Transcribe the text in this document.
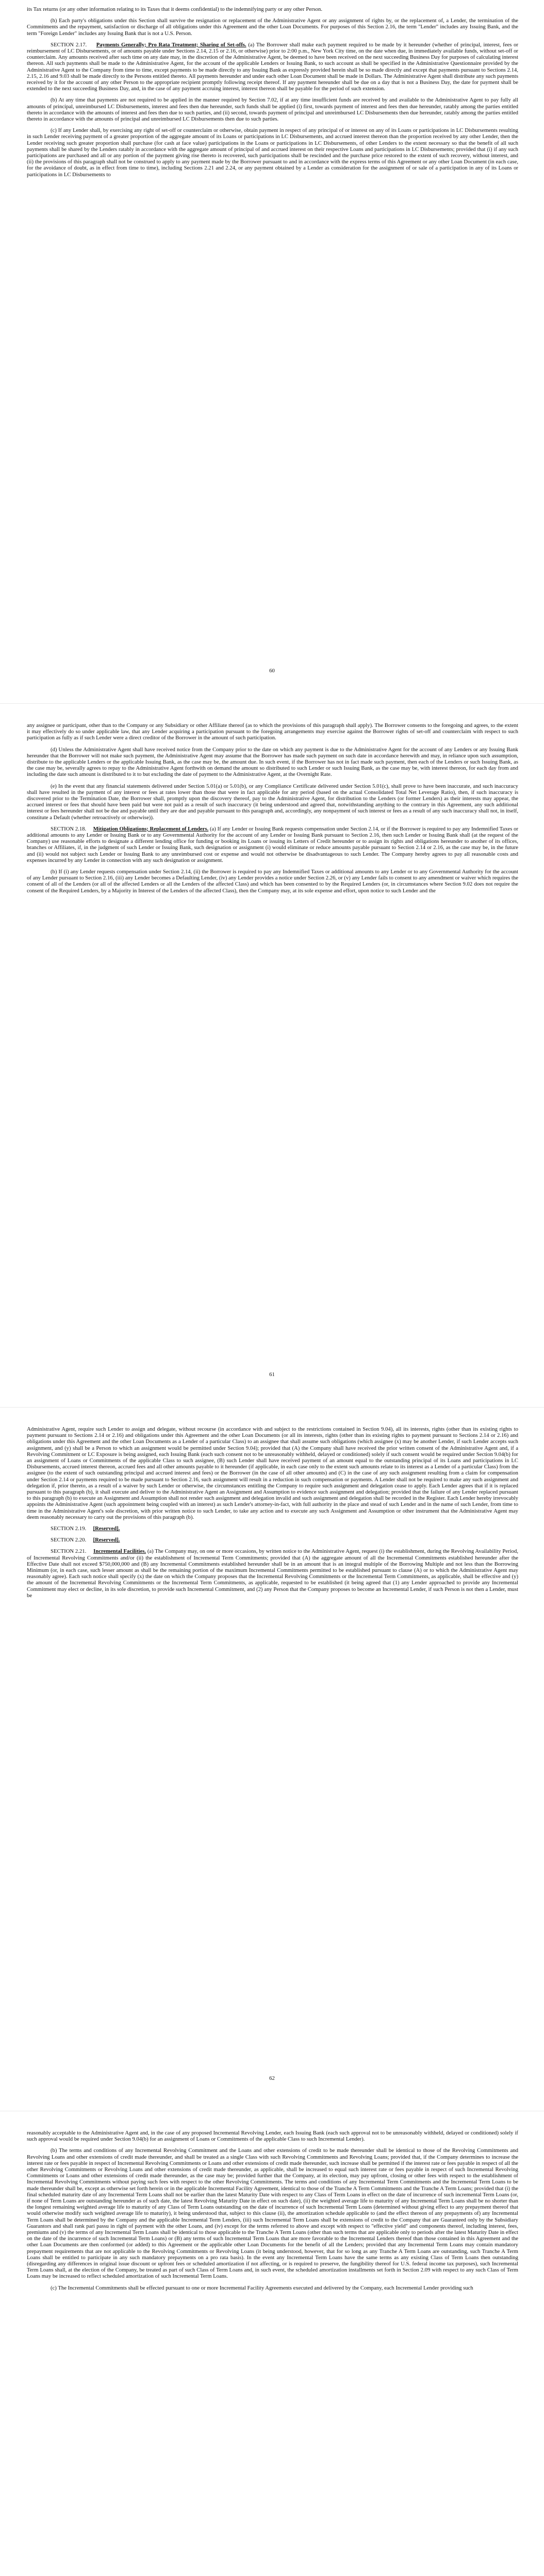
its Tax returns (or any other information relating to its Taxes that it deems confidential) to the indemnifying party or any other Person.

(h) Each party's obligations under this Section shall survive the resignation or replacement of the Administrative Agent or any assignment of rights by, or the replacement of, a Lender, the termination of the Commitments and the repayment, satisfaction or discharge of all obligations under this Agreement and the other Loan Documents. For purposes of this Section 2.16, the term "Lender" includes any Issuing Bank, and the term "Foreign Lender" includes any Issuing Bank that is not a U.S. Person.

SECTION 2.17. Payments Generally; Pro Rata Treatment; Sharing of Set-offs. (a) The Borrower shall make each payment required to be made by it hereunder (whether of principal, interest, fees or reimbursement of LC Disbursements, or of amounts payable under Sections 2.14, 2.15 or 2.16, or otherwise) prior to 2:00 p.m., New York City time, on the date when due, in immediately available funds, without set-off or counterclaim. Any amounts received after such time on any date may, in the discretion of the Administrative Agent, be deemed to have been received on the next succeeding Business Day for purposes of calculating interest thereon. All such payments shall be made to the Administrative Agent, for the account of the applicable Lenders or Issuing Bank, to such account as shall be specified in the Administrative Questionnaire provided by the Administrative Agent to the Company from time to time, except payments to be made directly to any Issuing Bank as expressly provided herein shall be so made directly and except that payments pursuant to Sections 2.14, 2.15, 2.16 and 9.03 shall be made directly to the Persons entitled thereto. All payments hereunder and under each other Loan Document shall be made in Dollars. The Administrative Agent shall distribute any such payments received by it for the account of any other Person to the appropriate recipient promptly following receipt thereof. If any payment hereunder shall be due on a day that is not a Business Day, the date for payment shall be extended to the next succeeding Business Day, and, in the case of any payment accruing interest, interest thereon shall be payable for the period of such extension.

(b) At any time that payments are not required to be applied in the manner required by Section 7.02, if at any time insufficient funds are received by and available to the Administrative Agent to pay fully all amounts of principal, unreimbursed LC Disbursements, interest and fees then due hereunder, such funds shall be applied (i) first, towards payment of interest and fees then due hereunder, ratably among the parties entitled thereto in accordance with the amounts of interest and fees then due to such parties, and (ii) second, towards payment of principal and unreimbursed LC Disbursements then due hereunder, ratably among the parties entitled thereto in accordance with the amounts of principal and unreimbursed LC Disbursements then due to such parties.

(c) If any Lender shall, by exercising any right of set-off or counterclaim or otherwise, obtain payment in respect of any principal of or interest on any of its Loans or participations in LC Disbursements resulting in such Lender receiving payment of a greater proportion of the aggregate amount of its Loans or participations in LC Disbursements, and accrued interest thereon than the proportion received by any other Lender, then the Lender receiving such greater proportion shall purchase (for cash at face value) participations in the Loans or participations in LC Disbursements, of other Lenders to the extent necessary so that the benefit of all such payments shall be shared by the Lenders ratably in accordance with the aggregate amount of principal of and accrued interest on their respective Loans and participations in LC Disbursements; provided that (i) if any such participations are purchased and all or any portion of the payment giving rise thereto is recovered, such participations shall be rescinded and the purchase price restored to the extent of such recovery, without interest, and (ii) the provisions of this paragraph shall not be construed to apply to any payment made by the Borrower pursuant to and in accordance with the express terms of this Agreement or any other Loan Document (in each case, for the avoidance of doubt, as in effect from time to time), including Sections 2.21 and 2.24, or any payment obtained by a Lender as consideration for the assignment of or sale of a participation in any of its Loans or participations in LC Disbursements to

60

any assignee or participant, other than to the Company or any Subsidiary or other Affiliate thereof (as to which the provisions of this paragraph shall apply). The Borrower consents to the foregoing and agrees, to the extent it may effectively do so under applicable law, that any Lender acquiring a participation pursuant to the foregoing arrangements may exercise against the Borrower rights of set-off and counterclaim with respect to such participation as fully as if such Lender were a direct creditor of the Borrower in the amount of such participation.

(d) Unless the Administrative Agent shall have received notice from the Company prior to the date on which any payment is due to the Administrative Agent for the account of any Lenders or any Issuing Bank hereunder that the Borrower will not make such payment, the Administrative Agent may assume that the Borrower has made such payment on such date in accordance herewith and may, in reliance upon such assumption, distribute to the applicable Lenders or the applicable Issuing Bank, as the case may be, the amount due. In such event, if the Borrower has not in fact made such payment, then each of the Lenders or such Issuing Bank, as the case may be, severally agrees to repay to the Administrative Agent forthwith on demand the amount so distributed to such Lender or such Issuing Bank, as the case may be, with interest thereon, for each day from and including the date such amount is distributed to it to but excluding the date of payment to the Administrative Agent, at the Overnight Rate.

(e) In the event that any financial statements delivered under Section 5.01(a) or 5.01(b), or any Compliance Certificate delivered under Section 5.01(c), shall prove to have been inaccurate, and such inaccuracy shall have resulted in the payment of any interest or fees at rates lower than those that were in fact applicable for any period (based on the actual Consolidated Total Net Leverage Ratio), then, if such inaccuracy is discovered prior to the Termination Date, the Borrower shall, promptly upon the discovery thereof, pay to the Administrative Agent, for distribution to the Lenders (or former Lenders) as their interests may appear, the accrued interest or fees that should have been paid but were not paid as a result of such inaccuracy (it being understood and agreed that, notwithstanding anything to the contrary in this Agreement, any such additional interest or fees hereunder shall not be due and payable until they are due and payable pursuant to this paragraph and, accordingly, any nonpayment of such interest or fees as a result of any such inaccuracy shall not, in itself, constitute a Default (whether retroactively or otherwise)).

SECTION 2.18. Mitigation Obligations; Replacement of Lenders. (a) If any Lender or Issuing Bank requests compensation under Section 2.14, or if the Borrower is required to pay any Indemnified Taxes or additional amounts to any Lender or Issuing Bank or to any Governmental Authority for the account of any Lender or Issuing Bank pursuant to Section 2.16, then such Lender or Issuing Bank shall (at the request of the Company) use reasonable efforts to designate a different lending office for funding or booking its Loans or issuing its Letters of Credit hereunder or to assign its rights and obligations hereunder to another of its offices, branches or Affiliates, if, in the judgment of such Lender or Issuing Bank, such designation or assignment (i) would eliminate or reduce amounts payable pursuant to Section 2.14 or 2.16, as the case may be, in the future and (ii) would not subject such Lender or Issuing Bank to any unreimbursed cost or expense and would not otherwise be disadvantageous to such Lender. The Company hereby agrees to pay all reasonable costs and expenses incurred by any Lender in connection with any such designation or assignment.

(b) If (i) any Lender requests compensation under Section 2.14, (ii) the Borrower is required to pay any Indemnified Taxes or additional amounts to any Lender or to any Governmental Authority for the account of any Lender pursuant to Section 2.16, (iii) any Lender becomes a Defaulting Lender, (iv) any Lender provides a notice under Section 2.26, or (v) any Lender fails to consent to any amendment or waiver which requires the consent of all of the Lenders (or all of the affected Lenders or all the Lenders of the affected Class) and which has been consented to by the Required Lenders (or, in circumstances where Section 9.02 does not require the consent of the Required Lenders, by a Majority in Interest of the Lenders of the affected Class), then the Company may, at its sole expense and effort, upon notice to such Lender and the

61

Administrative Agent, require such Lender to assign and delegate, without recourse (in accordance with and subject to the restrictions contained in Section 9.04), all its interests, rights (other than its existing rights to payment pursuant to Sections 2.14 or 2.16) and obligations under this Agreement and the other Loan Documents (or all its interests, rights (other than its existing rights to payment pursuant to Sections 2.14 or 2.16) and obligations under this Agreement and the other Loan Documents as a Lender of a particular Class) to an assignee that shall assume such obligations (which assignee (x) may be another Lender, if such Lender accepts such assignment, and (y) shall be a Person to which an assignment would be permitted under Section 9.04); provided that (A) the Company shall have received the prior written consent of the Administrative Agent and, if a Revolving Commitment or LC Exposure is being assigned, each Issuing Bank (each such consent not to be unreasonably withheld, delayed or conditioned) solely if such consent would be required under Section 9.04(b) for an assignment of Loans or Commitments of the applicable Class to such assignee, (B) such Lender shall have received payment of an amount equal to the outstanding principal of its Loans and participations in LC Disbursements, accrued interest thereon, accrued fees and all other amounts payable to it hereunder (if applicable, in each case only to the extent such amounts relate to its interest as a Lender of a particular Class) from the assignee (to the extent of such outstanding principal and accrued interest and fees) or the Borrower (in the case of all other amounts) and (C) in the case of any such assignment resulting from a claim for compensation under Section 2.14 or payments required to be made pursuant to Section 2.16, such assignment will result in a reduction in such compensation or payments. A Lender shall not be required to make any such assignment and delegation if, prior thereto, as a result of a waiver by such Lender or otherwise, the circumstances entitling the Company to require such assignment and delegation cease to apply. Each Lender agrees that if it is replaced pursuant to this paragraph (b), it shall execute and deliver to the Administrative Agent an Assignment and Assumption to evidence such assignment and delegation; provided that the failure of any Lender replaced pursuant to this paragraph (b) to execute an Assignment and Assumption shall not render such assignment and delegation invalid and such assignment and delegation shall be recorded in the Register. Each Lender hereby irrevocably appoints the Administrative Agent (such appointment being coupled with an interest) as such Lender's attorney-in-fact, with full authority in the place and stead of such Lender and in the name of such Lender, from time to time in the Administrative Agent's sole discretion, with prior written notice to such Lender, to take any action and to execute any such Assignment and Assumption or other instrument that the Administrative Agent may deem reasonably necessary to carry out the provisions of this paragraph (b).

SECTION 2.19. [Reserved].

SECTION 2.20. [Reserved].

SECTION 2.21. Incremental Facilities. (a) The Company may, on one or more occasions, by written notice to the Administrative Agent, request (i) the establishment, during the Revolving Availability Period, of Incremental Revolving Commitments and/or (ii) the establishment of Incremental Term Commitments; provided that (A) the aggregate amount of all the Incremental Commitments established hereunder after the Effective Date shall not exceed $750,000,000 and (B) any Incremental Commitments established hereunder shall be in an amount that is an integral multiple of the Borrowing Multiple and not less than the Borrowing Minimum (or, in each case, such lesser amount as shall be the remaining portion of the maximum Incremental Commitments permitted to be established pursuant to clause (A) or to which the Administrative Agent may reasonably agree). Each such notice shall specify (x) the date on which the Company proposes that the Incremental Revolving Commitments or the Incremental Term Commitments, as applicable, shall be effective and (y) the amount of the Incremental Revolving Commitments or the Incremental Term Commitments, as applicable, requested to be established (it being agreed that (1) any Lender approached to provide any Incremental Commitment may elect or decline, in its sole discretion, to provide such Incremental Commitment, and (2) any Person that the Company proposes to become an Incremental Lender, if such Person is not then a Lender, must be

62

reasonably acceptable to the Administrative Agent and, in the case of any proposed Incremental Revolving Lender, each Issuing Bank (each such approval not to be unreasonably withheld, delayed or conditioned) solely if such approval would be required under Section 9.04(b) for an assignment of Loans or Commitments of the applicable Class to such Incremental Lender).

(b) The terms and conditions of any Incremental Revolving Commitment and the Loans and other extensions of credit to be made thereunder shall be identical to those of the Revolving Commitments and Revolving Loans and other extensions of credit made thereunder, and shall be treated as a single Class with such Revolving Commitments and Revolving Loans; provided that, if the Company determines to increase the interest rate or fees payable in respect of Incremental Revolving Commitments or Loans and other extensions of credit made thereunder, such increase shall be permitted if the interest rate or fees payable in respect of all the other Revolving Commitments or Revolving Loans and other extensions of credit made thereunder, as applicable, shall be increased to equal such interest rate or fees payable in respect of such Incremental Revolving Commitments or Loans and other extensions of credit made thereunder, as the case may be; provided further that the Company, at its election, may pay upfront, closing or other fees with respect to the establishment of Incremental Revolving Commitments without paying such fees with respect to the other Revolving Commitments. The terms and conditions of any Incremental Term Commitments and the Incremental Term Loans to be made thereunder shall be, except as otherwise set forth herein or in the applicable Incremental Facility Agreement, identical to those of the Tranche A Term Commitments and the Tranche A Term Loans; provided that (i) the final scheduled maturity date of any Incremental Term Loans shall not be earlier than the latest Maturity Date with respect to any Class of Term Loans in effect on the date of incurrence of such incremental Term Loans (or, if none of Term Loans are outstanding hereunder as of such date, the latest Revolving Maturity Date in effect on such date), (ii) the weighted average life to maturity of any Incremental Term Loans shall be no shorter than the longest remaining weighted average life to maturity of any Class of Term Loans outstanding on the date of incurrence of such Incremental Term Loans (determined without giving effect to any prepayment thereof that would otherwise modify such weighted average life to maturity), it being understood that, subject to this clause (ii), the amortization schedule applicable to (and the effect thereon of any prepayments of) any Incremental Term Loans shall be determined by the Company and the applicable Incremental Term Lenders, (iii) such Incremental Term Loans shall be extensions of credit to the Company that are Guaranteed only by the Subsidiary Guarantors and shall rank pari passu in right of payment with the other Loans, and (iv) except for the terms referred to above and except with respect to "effective yield" and components thereof, including interest, fees, premiums and (v) the terms of any Incremental Term Loans shall be identical to those applicable to the Tranche A Term Loans (other than such terms that are applicable only to periods after the latest Maturity Date in effect on the date of the incurrence of such Incremental Term Loans) or (B) any terms of such Incremental Term Loans that are more favorable to the Incremental Lenders thereof than those contained in this Agreement and the other Loan Documents are then conformed (or added) to this Agreement or the applicable other Loan Documents for the benefit of all the Lenders; provided that any Incremental Term Loans may contain mandatory prepayment requirements that are not applicable to the Revolving Commitments or Revolving Loans (it being understood, however, that for so long as any Tranche A Term Loans are outstanding, such Tranche A Term Loans shall be entitled to participate in any such mandatory prepayments on a pro rata basis). In the event any Incremental Term Loans have the same terms as any existing Class of Term Loans then outstanding (disregarding any differences in original issue discount or upfront fees or scheduled amortization if not affecting, or is required to preserve, the fungibility thereof for U.S. federal income tax purposes), such Incremental Term Loans shall, at the election of the Company, be treated as part of such Class of Term Loans and, in such event, the scheduled amortization installments set forth in Section 2.09 with respect to any such Class of Term Loans may be increased to reflect scheduled amortization of such Incremental Term Loans.

(c) The Incremental Commitments shall be effected pursuant to one or more Incremental Facility Agreements executed and delivered by the Company, each Incremental Lender providing such
